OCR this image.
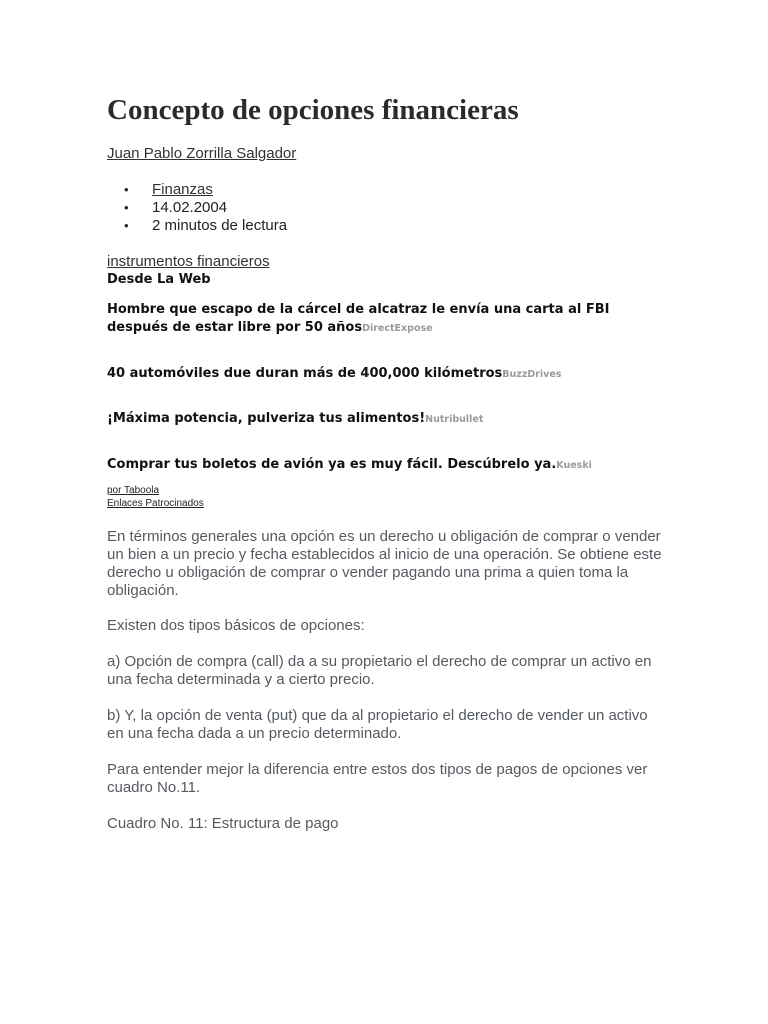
Concepto de opciones financieras
Juan Pablo Zorrilla Salgador
• Finanzas
• 14.02.2004
• 2 minutos de lectura
instrumentos financieros
Desde La Web
Hombre que escapo de la cárcel de alcatraz le envía una carta al FBI después de estar libre por 50 añosDirectExpose
40 automóviles due duran más de 400,000 kilómetrosBuzzDrives
¡Máxima potencia, pulveriza tus alimentos!Nutribullet
Comprar tus boletos de avión ya es muy fácil. Descúbrelo ya.Kueski
por Taboola
Enlaces Patrocinados

En términos generales una opción es un derecho u obligación de comprar o vender un bien a un precio y fecha establecidos al inicio de una operación. Se obtiene este derecho u obligación de comprar o vender pagando una prima a quien toma la obligación.

Existen dos tipos básicos de opciones:

a) Opción de compra (call) da a su propietario el derecho de comprar un activo en una fecha determinada y a cierto precio.

b) Y, la opción de venta (put) que da al propietario el derecho de vender un activo en una fecha dada a un precio determinado.

Para entender mejor la diferencia entre estos dos tipos de pagos de opciones ver cuadro No.11.

Cuadro No. 11: Estructura de pago
